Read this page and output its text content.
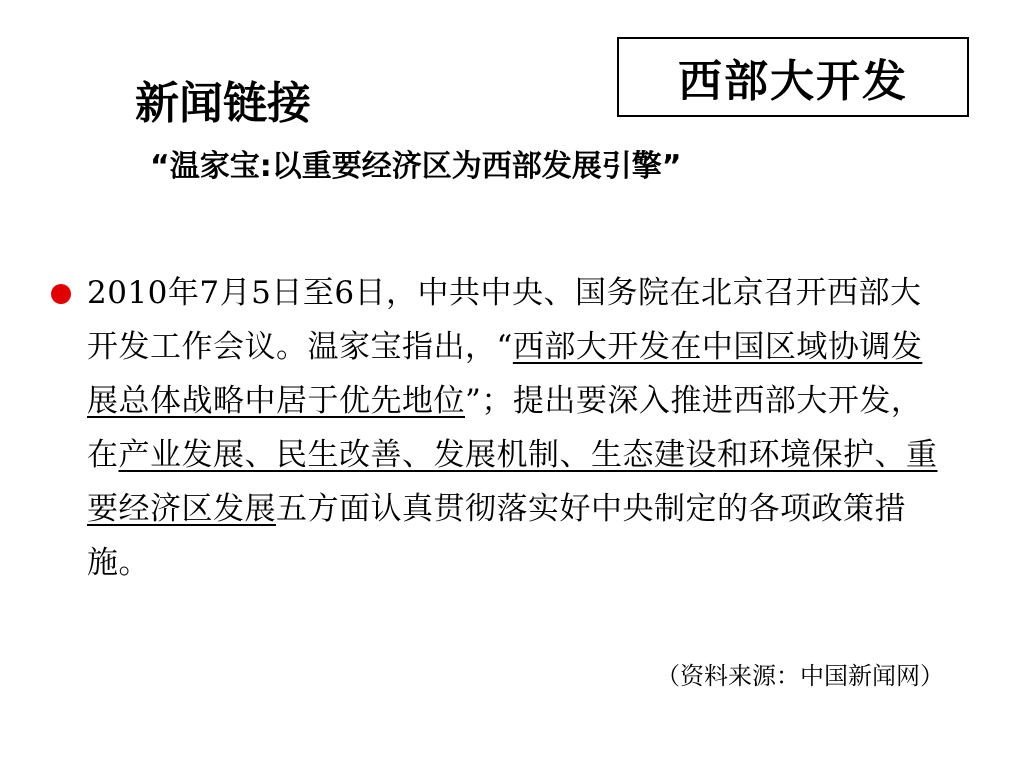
西部大开发
新闻链接
“温家宝:以重要经济区为西部发展引擎”

2010年7月5日至6日，中共中央、国务院在北京召开西部大开发工作会议。温家宝指出，“西部大开发在中国区域协调发展总体战略中居于优先地位”；提出要深入推进西部大开发，在产业发展、民生改善、发展机制、生态建设和环境保护、重要经济区发展五方面认真贯彻落实好中央制定的各项政策措施。

（资料来源：中国新闻网）
